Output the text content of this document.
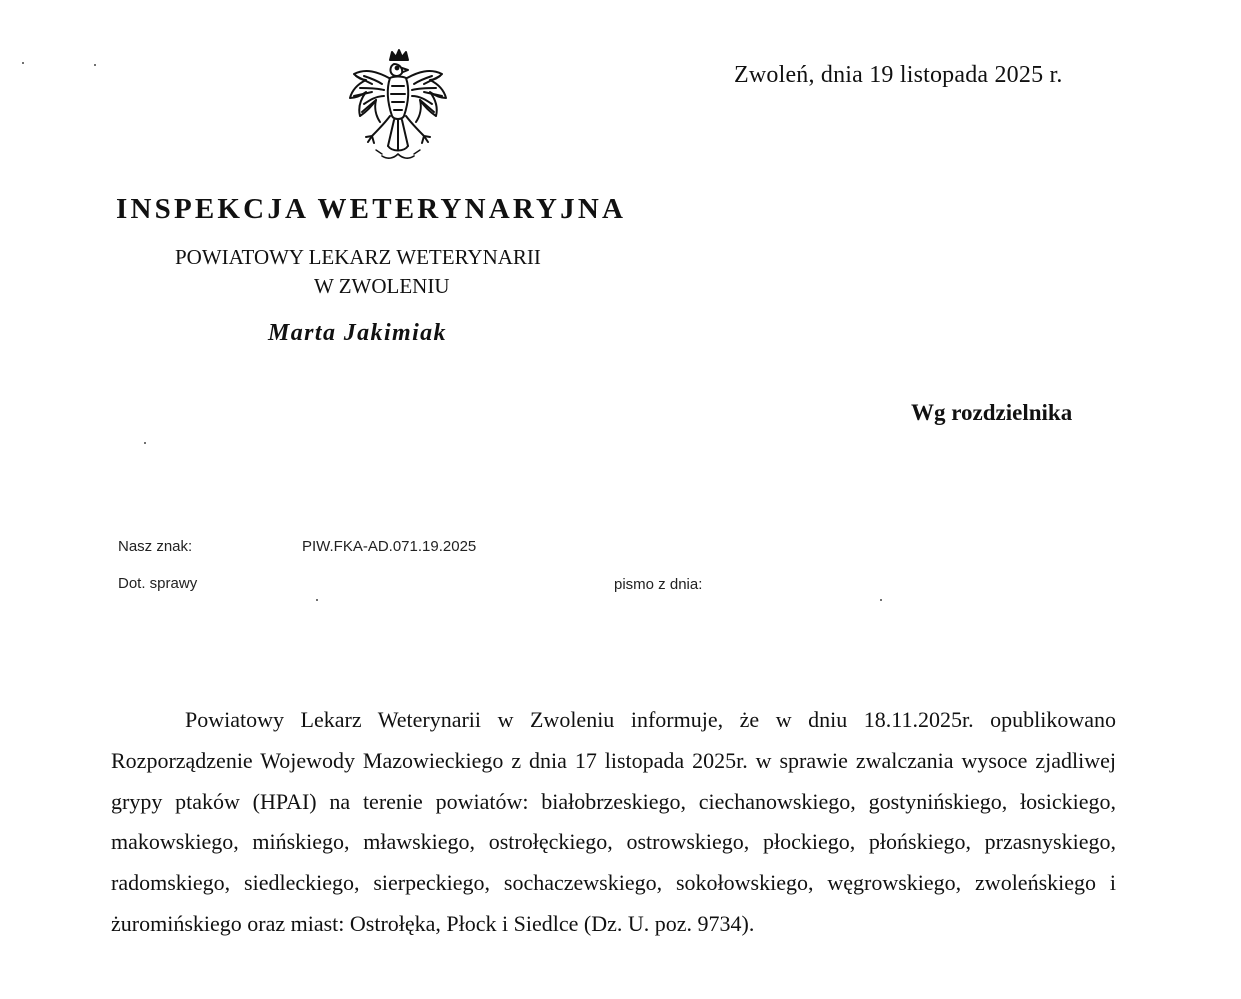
Zwoleń, dnia 19 listopada 2025 r.
INSPEKCJA WETERYNARYJNA
POWIATOWY LEKARZ WETERYNARII
W ZWOLENIU
Marta Jakimiak
Wg rozdzielnika
Nasz znak:	PIW.FKA-AD.071.19.2025
Dot. sprawy	pismo z dnia:
Powiatowy Lekarz Weterynarii w Zwoleniu informuje, że w dniu 18.11.2025r. opublikowano Rozporządzenie Wojewody Mazowieckiego z dnia 17 listopada 2025r. w sprawie zwalczania wysoce zjadliwej grypy ptaków (HPAI) na terenie powiatów: białobrzeskiego, ciechanowskiego, gostynińskiego, łosickiego, makowskiego, mińskiego, mławskiego, ostrołęckiego, ostrowskiego, płockiego, płońskiego, przasnyskiego, radomskiego, siedleckiego, sierpeckiego, sochaczewskiego, sokołowskiego, węgrowskiego, zwoleńskiego i żuromińskiego oraz miast: Ostrołęka, Płock i Siedlce (Dz. U. poz. 9734).
